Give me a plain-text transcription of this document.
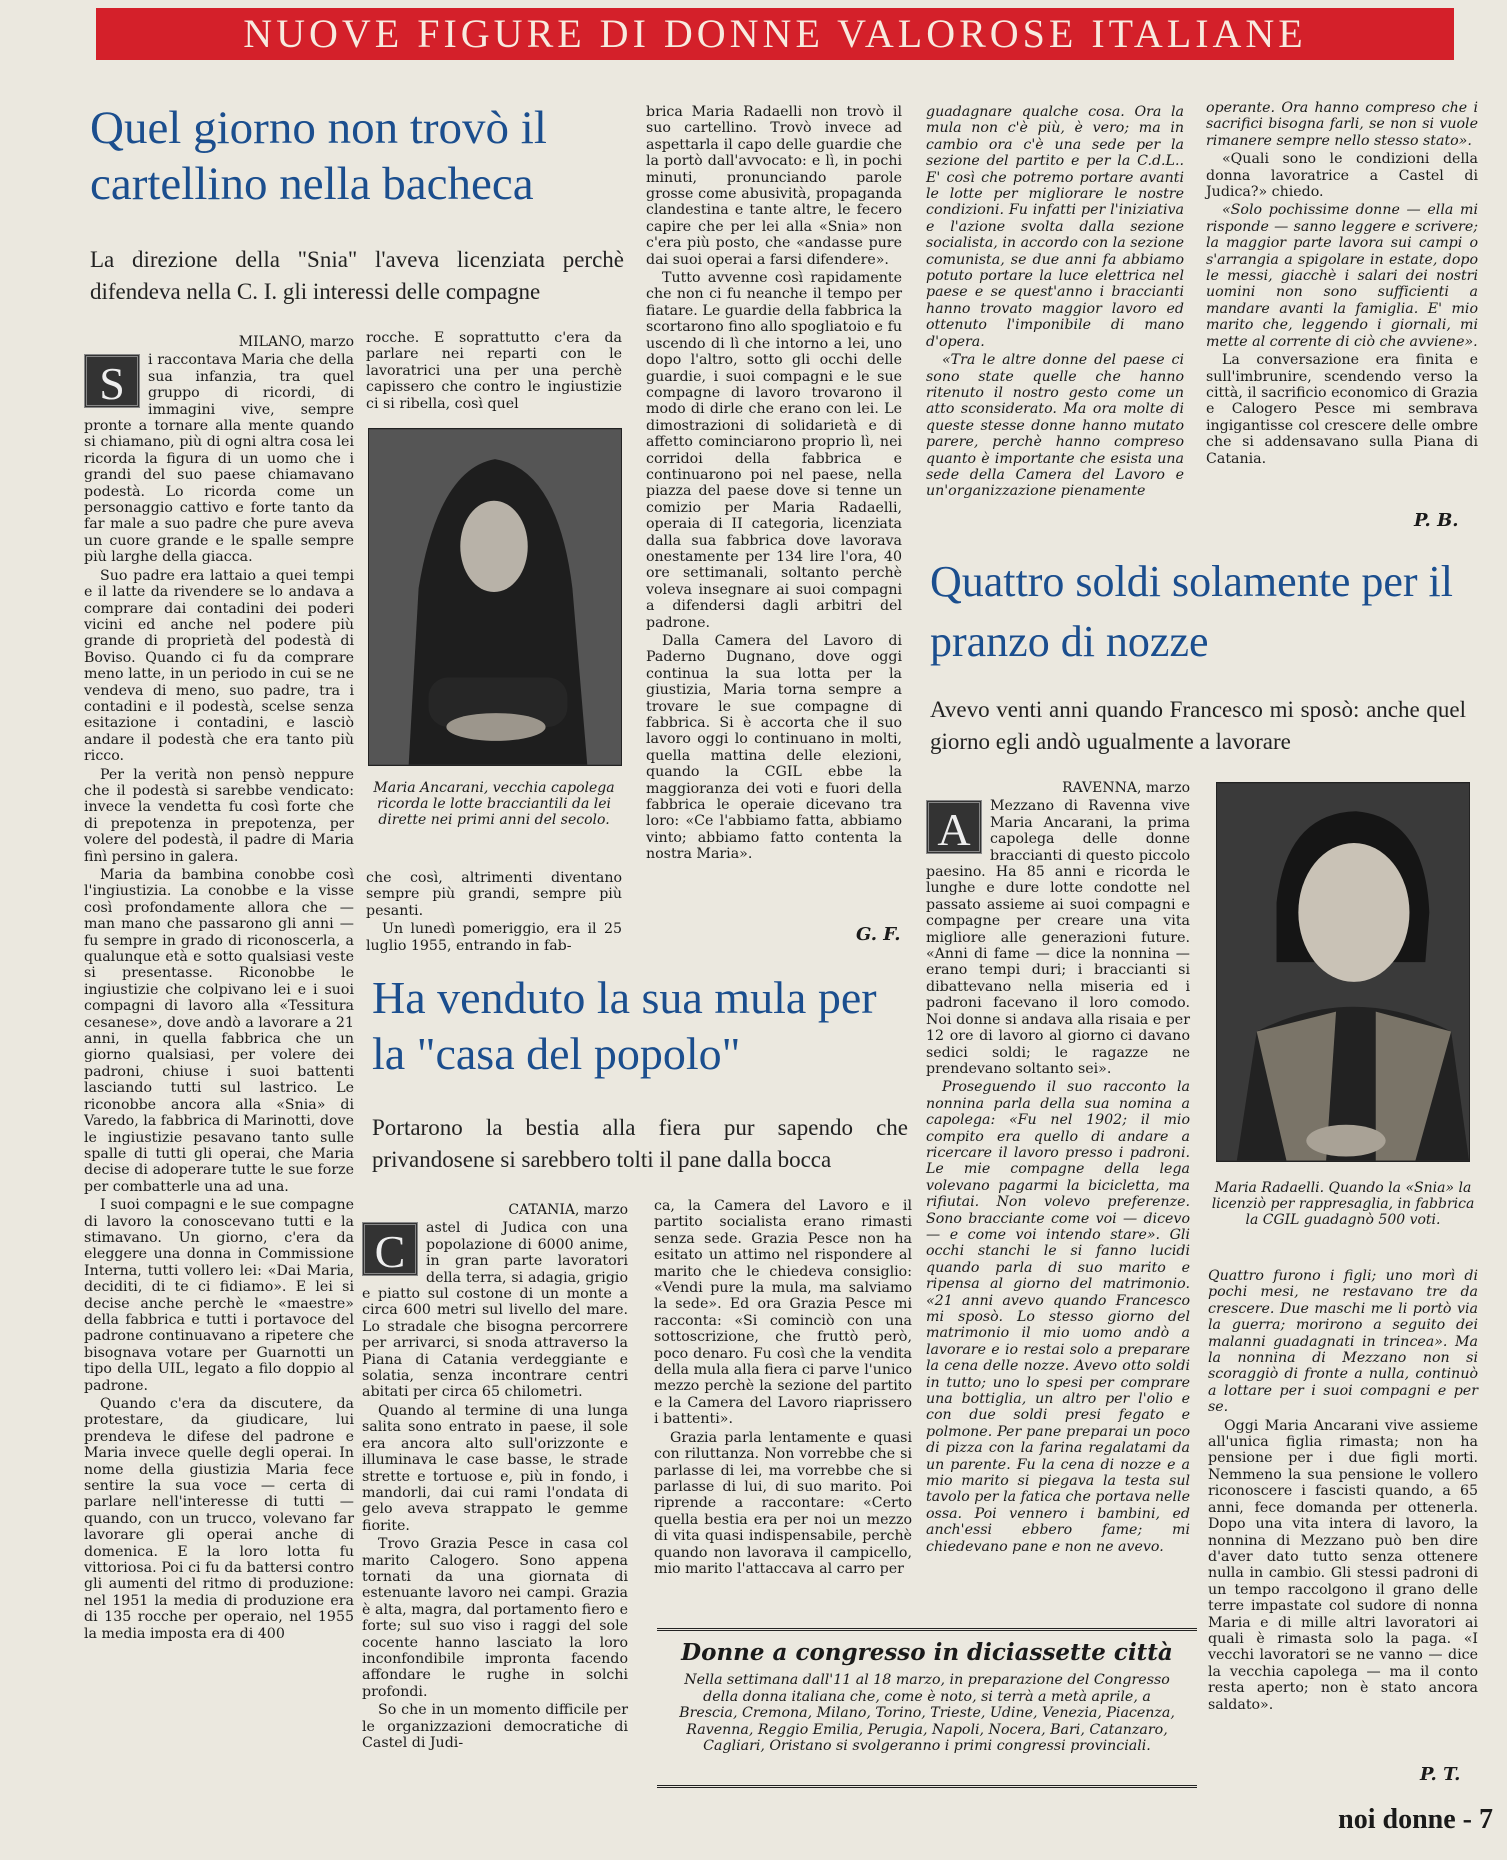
NUOVE FIGURE DI DONNE VALOROSE ITALIANE
Quel giorno non trovò il cartellino nella bacheca
La direzione della "Snia" l'aveva licenziata perchè difendeva nella C. I. gli interessi delle compagne
MILANO, marzo
S	i raccontava Maria che della sua infanzia, tra quel gruppo di ricordi, di immagini vive, sempre pronte a tornare alla mente quando si chiamano, più di ogni altra cosa lei ricorda la figura di un uomo che i grandi del suo paese chiamavano podestà. Lo ricorda come un personaggio cattivo e forte tanto da far male a suo padre che pure aveva un cuore grande e le spalle sempre più larghe della giacca.

Suo padre era lattaio a quei tempi e il latte da rivendere se lo andava a comprare dai contadini dei poderi vicini ed anche nel podere più grande di proprietà del podestà di Boviso. Quando ci fu da comprare meno latte, in un periodo in cui se ne vendeva di meno, suo padre, tra i contadini e il podestà, scelse senza esitazione i contadini, e lasciò andare il podestà che era tanto più ricco.

Per la verità non pensò neppure che il podestà si sarebbe vendicato: invece la vendetta fu così forte che di prepotenza in prepotenza, per volere del podestà, il padre di Maria finì persino in galera.

Maria da bambina conobbe così l'ingiustizia. La conobbe e la visse così profondamente allora che — man mano che passarono gli anni — fu sempre in grado di riconoscerla, a qualunque età e sotto qualsiasi veste si presentasse. Riconobbe le ingiustizie che colpivano lei e i suoi compagni di lavoro alla «Tessitura cesanese», dove andò a lavorare a 21 anni, in quella fabbrica che un giorno qualsiasi, per volere dei padroni, chiuse i suoi battenti lasciando tutti sul lastrico. Le riconobbe ancora alla «Snia» di Varedo, la fabbrica di Marinotti, dove le ingiustizie pesavano tanto sulle spalle di tutti gli operai, che Maria decise di adoperare tutte le sue forze per combatterle una ad una.

I suoi compagni e le sue compagne di lavoro la conoscevano tutti e la stimavano. Un giorno, c'era da eleggere una donna in Commissione Interna, tutti vollero lei: «Dai Maria, deciditi, di te ci fidiamo». E lei si decise anche perchè le «maestre» della fabbrica e tutti i portavoce del padrone continuavano a ripetere che bisognava votare per Guarnotti un tipo della UIL, legato a filo doppio al padrone.

Quando c'era da discutere, da protestare, da giudicare, lui prendeva le difese del padrone e Maria invece quelle degli operai. In nome della giustizia Maria fece sentire la sua voce — certa di parlare nell'interesse di tutti — quando, con un trucco, volevano far lavorare gli operai anche di domenica. E la loro lotta fu vittoriosa. Poi ci fu da battersi contro gli aumenti del ritmo di produzione: nel 1951 la media di produzione era di 135 rocche per operaio, nel 1955 la media imposta era di 400

rocche. E soprattutto c'era da parlare nei reparti con le lavoratrici una per una perchè capissero che contro le ingiustizie ci si ribella, così quel

Maria Ancarani, vecchia capolega ricorda le lotte bracciantili da lei dirette nei primi anni del secolo.

che così, altrimenti diventano sempre più grandi, sempre più pesanti.

Un lunedì pomeriggio, era il 25 luglio 1955, entrando in fab-

brica Maria Radaelli non trovò il suo cartellino. Trovò invece ad aspettarla il capo delle guardie che la portò dall'avvocato: e lì, in pochi minuti, pronunciando parole grosse come abusività, propaganda clandestina e tante altre, le fecero capire che per lei alla «Snia» non c'era più posto, che «andasse pure dai suoi operai a farsi difendere».

Tutto avvenne così rapidamente che non ci fu neanche il tempo per fiatare. Le guardie della fabbrica la scortarono fino allo spogliatoio e fu uscendo di lì che intorno a lei, uno dopo l'altro, sotto gli occhi delle guardie, i suoi compagni e le sue compagne di lavoro trovarono il modo di dirle che erano con lei. Le dimostrazioni di solidarietà e di affetto cominciarono proprio lì, nei corridoi della fabbrica e continuarono poi nel paese, nella piazza del paese dove si tenne un comizio per Maria Radaelli, operaia di II categoria, licenziata dalla sua fabbrica dove lavorava onestamente per 134 lire l'ora, 40 ore settimanali, soltanto perchè voleva insegnare ai suoi compagni a difendersi dagli arbitri del padrone.

Dalla Camera del Lavoro di Paderno Dugnano, dove oggi continua la sua lotta per la giustizia, Maria torna sempre a trovare le sue compagne di fabbrica. Si è accorta che il suo lavoro oggi lo continuano in molti, quella mattina delle elezioni, quando la CGIL ebbe la maggioranza dei voti e fuori della fabbrica le operaie dicevano tra loro: «Ce l'abbiamo fatta, abbiamo vinto; abbiamo fatto contenta la nostra Maria».

G. F.
Ha venduto la sua mula per la "casa del popolo"
Portarono la bestia alla fiera pur sapendo che privandosene si sarebbero tolti il pane dalla bocca
CATANIA, marzo
C	astel di Judica con una popolazione di 6000 anime, in gran parte lavoratori della terra, si adagia, grigio e piatto sul costone di un monte a circa 600 metri sul livello del mare. Lo stradale che bisogna percorrere per arrivarci, si snoda attraverso la Piana di Catania verdeggiante e solatia, senza incontrare centri abitati per circa 65 chilometri.

Quando al termine di una lunga salita sono entrato in paese, il sole era ancora alto sull'orizzonte e illuminava le case basse, le strade strette e tortuose e, più in fondo, i mandorli, dai cui rami l'ondata di gelo aveva strappato le gemme fiorite.

Trovo Grazia Pesce in casa col marito Calogero. Sono appena tornati da una giornata di estenuante lavoro nei campi. Grazia è alta, magra, dal portamento fiero e forte; sul suo viso i raggi del sole cocente hanno lasciato la loro inconfondibile impronta facendo affondare le rughe in solchi profondi.

So che in un momento difficile per le organizzazioni democratiche di Castel di Judi-

ca, la Camera del Lavoro e il partito socialista erano rimasti senza sede. Grazia Pesce non ha esitato un attimo nel rispondere al marito che le chiedeva consiglio: «Vendi pure la mula, ma salviamo la sede». Ed ora Grazia Pesce mi racconta: «Si cominciò con una sottoscrizione, che fruttò però, poco denaro. Fu così che la vendita della mula alla fiera ci parve l'unico mezzo perchè la sezione del partito e la Camera del Lavoro riaprissero i battenti».

Grazia parla lentamente e quasi con riluttanza. Non vorrebbe che si parlasse di lei, ma vorrebbe che si parlasse di lui, di suo marito. Poi riprende a raccontare: «Certo quella bestia era per noi un mezzo di vita quasi indispensabile, perchè quando non lavorava il campicello, mio marito l'attaccava al carro per

guadagnare qualche cosa. Ora la mula non c'è più, è vero; ma in cambio ora c'è una sede per la sezione del partito e per la C.d.L.. E' così che potremo portare avanti le lotte per migliorare le nostre condizioni. Fu infatti per l'iniziativa e l'azione svolta dalla sezione socialista, in accordo con la sezione comunista, se due anni fa abbiamo potuto portare la luce elettrica nel paese e se quest'anno i braccianti hanno trovato maggior lavoro ed ottenuto l'imponibile di mano d'opera.

«Tra le altre donne del paese ci sono state quelle che hanno ritenuto il nostro gesto come un atto sconsiderato. Ma ora molte di queste stesse donne hanno mutato parere, perchè hanno compreso quanto è importante che esista una sede della Camera del Lavoro e un'organizzazione pienamente

operante. Ora hanno compreso che i sacrifici bisogna farli, se non si vuole rimanere sempre nello stesso stato».

«Quali sono le condizioni della donna lavoratrice a Castel di Judica?» chiedo.

«Solo pochissime donne — ella mi risponde — sanno leggere e scrivere; la maggior parte lavora sui campi o s'arrangia a spigolare in estate, dopo le messi, giacchè i salari dei nostri uomini non sono sufficienti a mandare avanti la famiglia. E' mio marito che, leggendo i giornali, mi mette al corrente di ciò che avviene».

La conversazione era finita e sull'imbrunire, scendendo verso la città, il sacrificio economico di Grazia e Calogero Pesce mi sembrava ingigantisse col crescere delle ombre che si addensavano sulla Piana di Catania.

P. B.
Quattro soldi solamente per il pranzo di nozze
Avevo venti anni quando Francesco mi sposò: anche quel giorno egli andò ugualmente a lavorare
RAVENNA, marzo
A	Mezzano di Ravenna vive Maria Ancarani, la prima capolega delle donne braccianti di questo piccolo paesino. Ha 85 anni e ricorda le lunghe e dure lotte condotte nel passato assieme ai suoi compagni e compagne per creare una vita migliore alle generazioni future. «Anni di fame — dice la nonnina — erano tempi duri; i braccianti si dibattevano nella miseria ed i padroni facevano il loro comodo. Noi donne si andava alla risaia e per 12 ore di lavoro al giorno ci davano sedici soldi; le ragazze ne prendevano soltanto sei».

Proseguendo il suo racconto la nonnina parla della sua nomina a capolega: «Fu nel 1902; il mio compito era quello di andare a ricercare il lavoro presso i padroni. Le mie compagne della lega volevano pagarmi la bicicletta, ma rifiutai. Non volevo preferenze. Sono bracciante come voi — dicevo — e come voi intendo stare». Gli occhi stanchi le si fanno lucidi quando parla di suo marito e ripensa al giorno del matrimonio. «21 anni avevo quando Francesco mi sposò. Lo stesso giorno del matrimonio il mio uomo andò a lavorare e io restai solo a preparare la cena delle nozze. Avevo otto soldi in tutto; uno lo spesi per comprare una bottiglia, un altro per l'olio e con due soldi presi fegato e polmone. Per pane preparai un poco di pizza con la farina regalatami da un parente. Fu la cena di nozze e a mio marito si piegava la testa sul tavolo per la fatica che portava nelle ossa. Poi vennero i bambini, ed anch'essi ebbero fame; mi chiedevano pane e non ne avevo.

Maria Radaelli. Quando la «Snia» la licenziò per rappresaglia, in fabbrica la CGIL guadagnò 500 voti.

Quattro furono i figli; uno morì di pochi mesi, ne restavano tre da crescere. Due maschi me li portò via la guerra; morirono a seguito dei malanni guadagnati in trincea». Ma la nonnina di Mezzano non si scoraggiò di fronte a nulla, continuò a lottare per i suoi compagni e per se.

Oggi Maria Ancarani vive assieme all'unica figlia rimasta; non ha pensione per i due figli morti. Nemmeno la sua pensione le vollero riconoscere i fascisti quando, a 65 anni, fece domanda per ottenerla. Dopo una vita intera di lavoro, la nonnina di Mezzano può ben dire d'aver dato tutto senza ottenere nulla in cambio. Gli stessi padroni di un tempo raccolgono il grano delle terre impastate col sudore di nonna Maria e di mille altri lavoratori ai quali è rimasta solo la paga. «I vecchi lavoratori se ne vanno — dice la vecchia capolega — ma il conto resta aperto; non è stato ancora saldato».

P. T.
Donne a congresso in diciassette città
Nella settimana dall'11 al 18 marzo, in preparazione del Congresso della donna italiana che, come è noto, si terrà a metà aprile, a Brescia, Cremona, Milano, Torino, Trieste, Udine, Venezia, Piacenza, Ravenna, Reggio Emilia, Perugia, Napoli, Nocera, Bari, Catanzaro, Cagliari, Oristano si svolgeranno i primi congressi provinciali.
noi donne - 7
